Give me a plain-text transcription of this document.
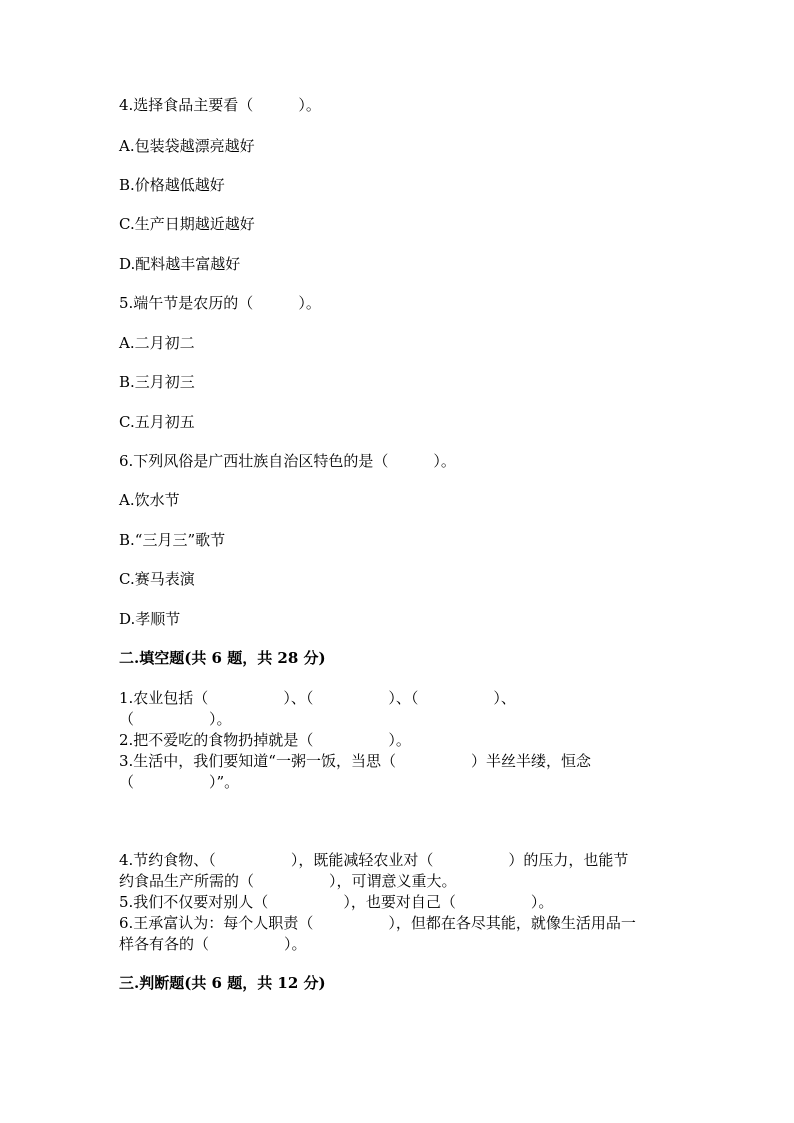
4.选择食品主要看（　　　）。
A.包装袋越漂亮越好
B.价格越低越好
C.生产日期越近越好
D.配料越丰富越好
5.端午节是农历的（　　　）。
A.二月初二
B.三月初三
C.五月初五
6.下列风俗是广西壮族自治区特色的是（　　　）。
A.饮水节
B.“三月三”歌节
C.赛马表演
D.孝顺节
二.填空题(共 6 题，共 28 分)
1.农业包括（　　　　　）、（　　　　　）、（　　　　　）、
（　　　　　）。
2.把不爱吃的食物扔掉就是（　　　　　）。
3.生活中，我们要知道“一粥一饭，当思（　　　　　）半丝半缕，恒念
（　　　　　）”。
4.节约食物、（　　　　　），既能减轻农业对（　　　　　）的压力，也能节
约食品生产所需的（　　　　　），可谓意义重大。
5.我们不仅要对别人（　　　　　），也要对自己（　　　　　）。
6.王承富认为：每个人职责（　　　　　），但都在各尽其能，就像生活用品一
样各有各的（　　　　　）。
三.判断题(共 6 题，共 12 分)
